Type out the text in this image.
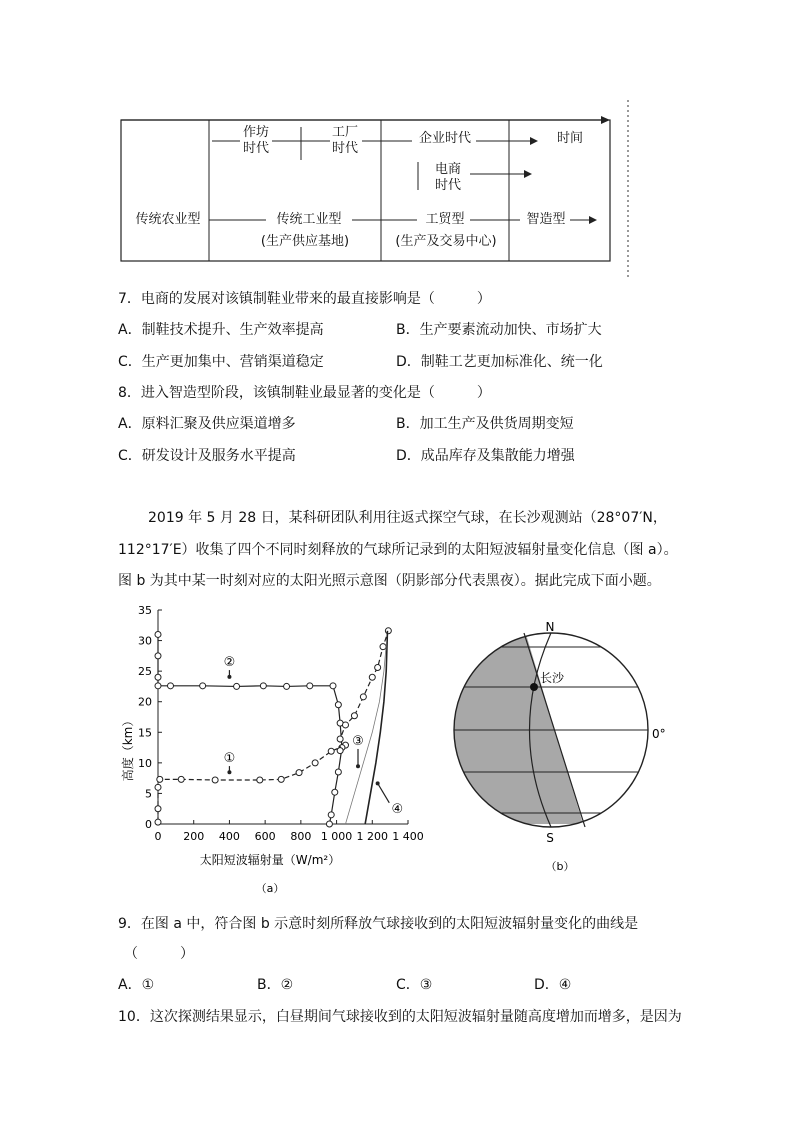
作坊
时代
工厂
时代
企业时代
电商
时代
时间
传统农业型	传统工业型	工贸型	智造型
(生产供应基地)	(生产及交易中心)
7．电商的发展对该镇制鞋业带来的最直接影响是（　　　）
A．制鞋技术提升、生产效率提高	B．生产要素流动加快、市场扩大
C．生产更加集中、营销渠道稳定	D．制鞋工艺更加标准化、统一化
8．进入智造型阶段，该镇制鞋业最显著的变化是（　　　）
A．原料汇聚及供应渠道增多	B．加工生产及供货周期变短
C．研发设计及服务水平提高	D．成品库存及集散能力增强
2019 年 5 月 28 日，某科研团队利用往返式探空气球，在长沙观测站（28°07′N，
112°17′E）收集了四个不同时刻释放的气球所记录到的太阳短波辐射量变化信息（图 a）。
图 b 为其中某一时刻对应的太阳光照示意图（阴影部分代表黑夜）。据此完成下面小题。
0 200 400 600 800 1 000 1 200 1 400
0
5
10
15
20
25
30
35
①
②
③
④
太阳短波辐射量（W/m²）
高度（km）
（a）
N
S
长沙
0°
（b）
9．在图 a 中，符合图 b 示意时刻所释放气球接收到的太阳短波辐射量变化的曲线是
（　　　）
A．①	B．②	C．③	D．④
10．这次探测结果显示，白昼期间气球接收到的太阳短波辐射量随高度增加而增多，是因为
